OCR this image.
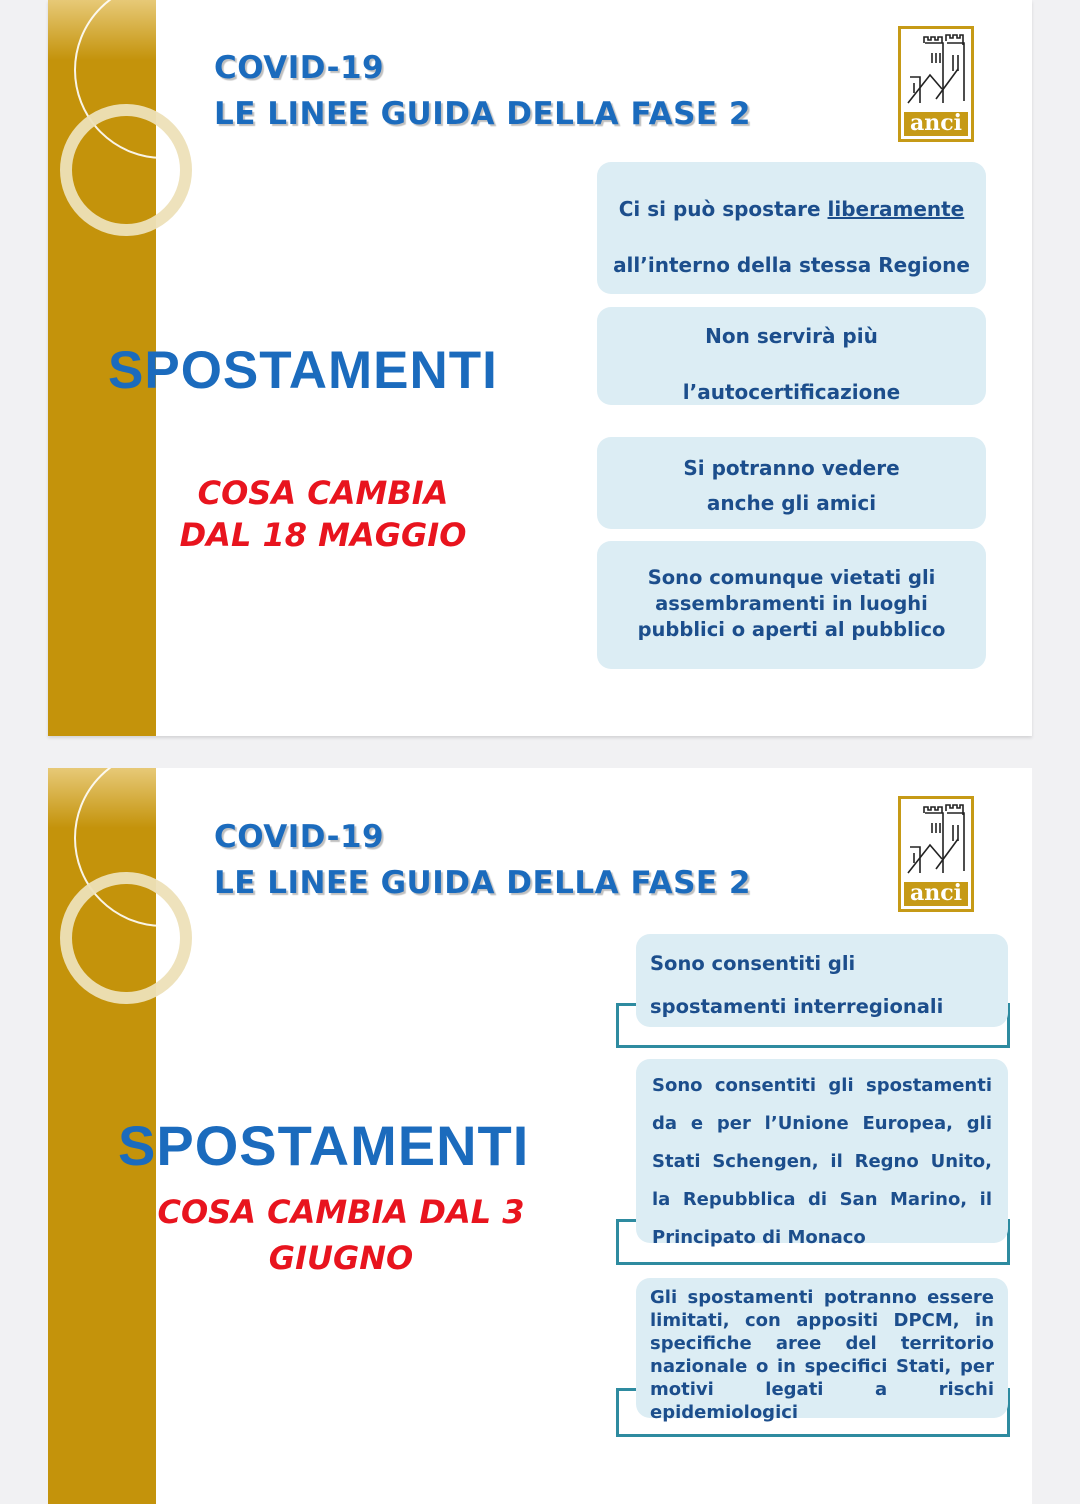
COVID-19
LE LINEE GUIDA DELLA FASE 2	anci
SPOSTAMENTI
COSA CAMBIA
DAL 18 MAGGIO
Ci si può spostare liberamente
all’interno della stessa Regione
Non servirà più
l’autocertificazione
Si potranno vedere
anche gli amici
Sono comunque vietati gli
assembramenti in luoghi
pubblici o aperti al pubblico
COVID-19
LE LINEE GUIDA DELLA FASE 2	anci
SPOSTAMENTI
COSA CAMBIA DAL 3
GIUGNO
Sono consentiti gli
spostamenti interregionali
Sono consentiti gli spostamenti da e per l’Unione Europea, gli Stati Schengen, il Regno Unito, la Repubblica di San Marino, il Principato di Monaco
Gli spostamenti potranno essere limitati, con appositi DPCM, in specifiche aree del territorio nazionale o in specifici Stati, per motivi legati a rischi epidemiologici
